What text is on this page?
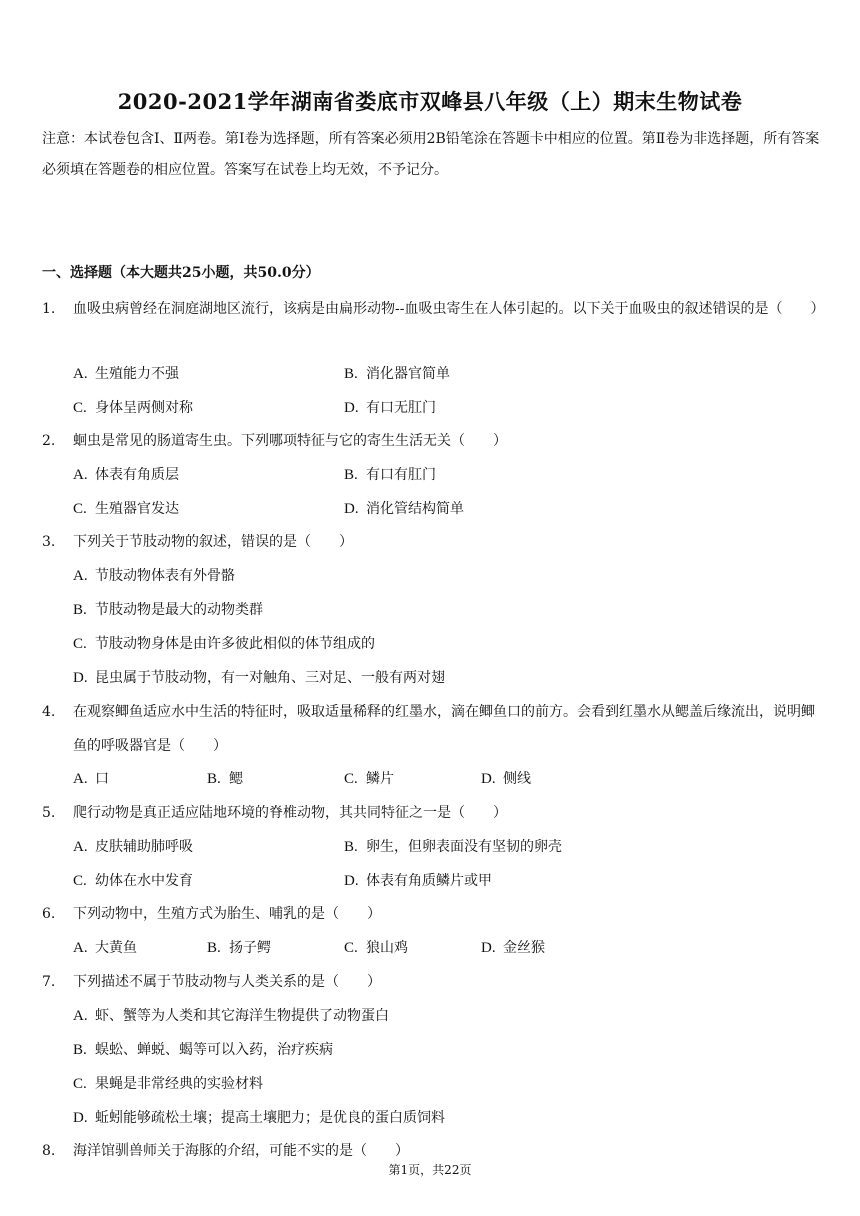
2020-2021学年湖南省娄底市双峰县八年级（上）期末生物试卷
注意：本试卷包含Ⅰ、Ⅱ两卷。第Ⅰ卷为选择题，所有答案必须用2B铅笔涂在答题卡中相应的位置。第Ⅱ卷为非选择题，所有答案必须填在答题卷的相应位置。答案写在试卷上均无效，不予记分。
一、选择题（本大题共25小题，共50.0分）
1. 血吸虫病曾经在洞庭湖地区流行，该病是由扁形动物--血吸虫寄生在人体引起的。以下关于血吸虫的叙述错误的是（　　）
A. 生殖能力不强	B. 消化器官简单
C. 身体呈两侧对称	D. 有口无肛门
2. 蛔虫是常见的肠道寄生虫。下列哪项特征与它的寄生生活无关（　　）
A. 体表有角质层	B. 有口有肛门
C. 生殖器官发达	D. 消化管结构简单
3. 下列关于节肢动物的叙述，错误的是（　　）
A. 节肢动物体表有外骨骼
B. 节肢动物是最大的动物类群
C. 节肢动物身体是由许多彼此相似的体节组成的
D. 昆虫属于节肢动物，有一对触角、三对足、一般有两对翅
4. 在观察鲫鱼适应水中生活的特征时，吸取适量稀释的红墨水，滴在鲫鱼口的前方。会看到红墨水从鳃盖后缘流出，说明鲫鱼的呼吸器官是（　　）
A. 口	B. 鳃	C. 鳞片	D. 侧线
5. 爬行动物是真正适应陆地环境的脊椎动物，其共同特征之一是（　　）
A. 皮肤辅助肺呼吸	B. 卵生，但卵表面没有坚韧的卵壳
C. 幼体在水中发育	D. 体表有角质鳞片或甲
6. 下列动物中，生殖方式为胎生、哺乳的是（　　）
A. 大黄鱼	B. 扬子鳄	C. 狼山鸡	D. 金丝猴
7. 下列描述不属于节肢动物与人类关系的是（　　）
A. 虾、蟹等为人类和其它海洋生物提供了动物蛋白
B. 蜈蚣、蝉蜕、蝎等可以入药，治疗疾病
C. 果蝇是非常经典的实验材料
D. 蚯蚓能够疏松土壤；提高土壤肥力；是优良的蛋白质饲料
8. 海洋馆驯兽师关于海豚的介绍，可能不实的是（　　）
第1页，共22页
